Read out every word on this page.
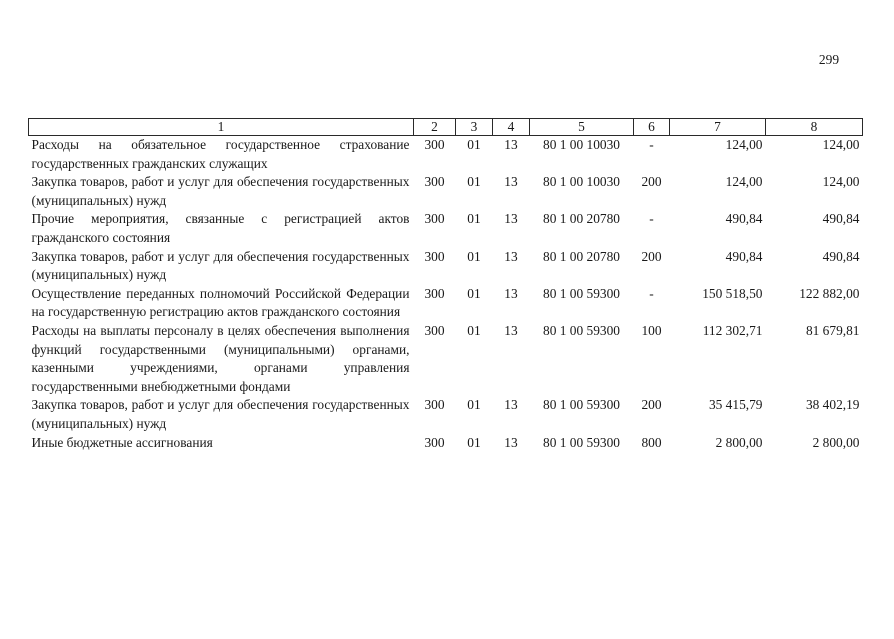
299
1	2	3	4	5	6	7	8
Расходы на обязательное государственное страхование государственных гражданских служащих	300	01	13	80 1 00 10030	-	124,00	124,00
Закупка товаров, работ и услуг для обеспечения государственных (муниципальных) нужд	300	01	13	80 1 00 10030	200	124,00	124,00
Прочие мероприятия, связанные с регистрацией актов гражданского состояния	300	01	13	80 1 00 20780	-	490,84	490,84
Закупка товаров, работ и услуг для обеспечения государственных (муниципальных) нужд	300	01	13	80 1 00 20780	200	490,84	490,84
Осуществление переданных полномочий Российской Федерации на государственную регистрацию актов гражданского состояния	300	01	13	80 1 00 59300	-	150 518,50	122 882,00
Расходы на выплаты персоналу в целях обеспечения выполнения функций государственными (муниципальными) органами, казенными учреждениями, органами управления государственными внебюджетными фондами	300	01	13	80 1 00 59300	100	112 302,71	81 679,81
Закупка товаров, работ и услуг для обеспечения государственных (муниципальных) нужд	300	01	13	80 1 00 59300	200	35 415,79	38 402,19
Иные бюджетные ассигнования	300	01	13	80 1 00 59300	800	2 800,00	2 800,00
